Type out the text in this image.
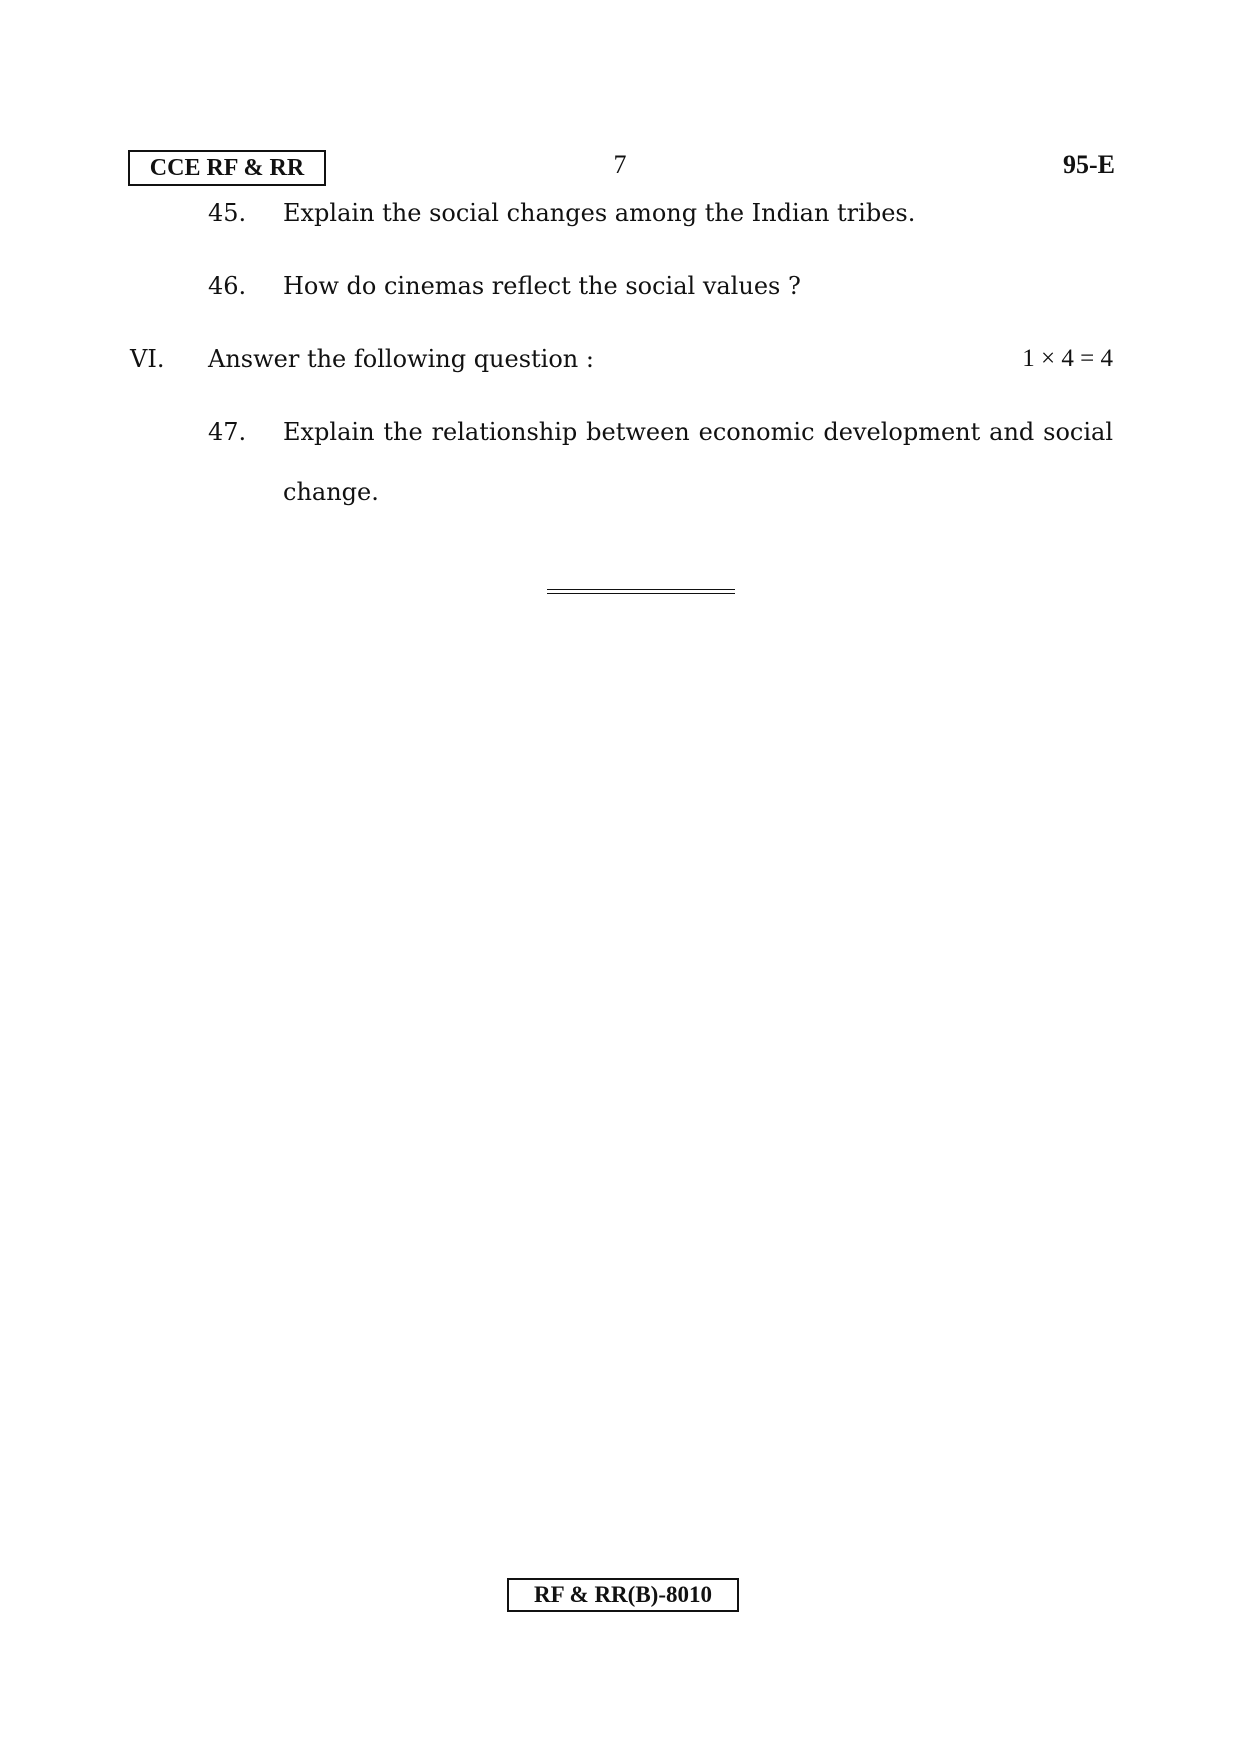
CCE RF & RR	7	95-E
45. Explain the social changes among the Indian tribes.
46. How do cinemas reflect the social values ?
VI. Answer the following question :	1 × 4 = 4
47. Explain the relationship between economic development and social change.
RF & RR(B)-8010
